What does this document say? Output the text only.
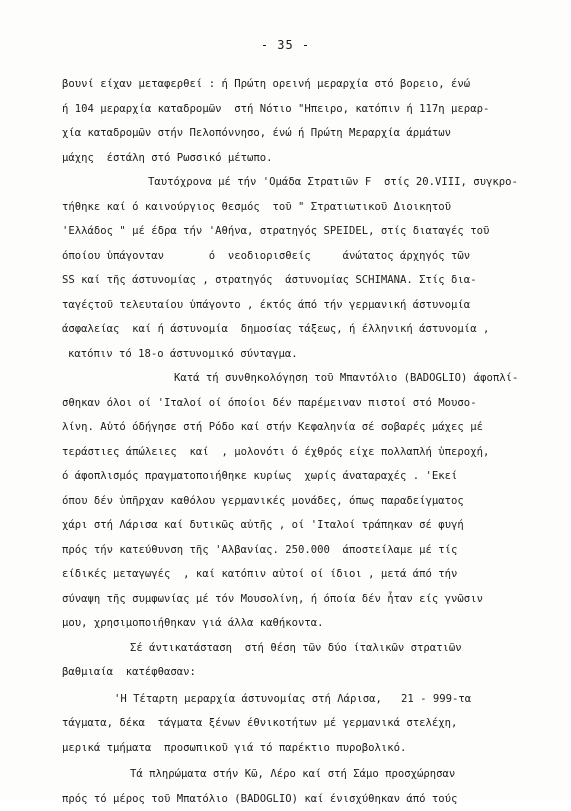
- 35 -
βουνί είχαν μεταφερθεί : ή Πρώτη ορεινή μεραρχία στό βορειο, ένώ
ή 104 μεραρχία καταδρομῶν  στή Νότιο "Ηπειρο, κατόπιν ή 117η μεραρ-
χία καταδρομῶν στήν Πελοπόννησο, ένώ ή Πρώτη Μεραρχία άρμάτων
μάχης  έστάλη στό Ρωσσικό μέτωπο.
Ταυτόχρονα μέ τήν 'Ομάδα Στρατιῶν F  στίς 20.VIII, συγκρο-
τήθηκε καί ό καινούργιος θεσμός  τοῦ " Στρατιωτικοῦ Διοικητοῦ
'Ελλάδος " μέ έδρα τήν 'Αθήνα, στρατηγός SPEIDEL, στίς διαταγές τοῦ
όποίου ὑπάγονταν       ό  νεοδιορισθείς     άνώτατος άρχηγός τῶν
SS καί τῆς άστυνομίας , στρατηγός  άστυνομίας SCHIMANA. Στίς δια-
ταγέςτοῦ τελευταίου ὑπάγοντο , έκτός άπό τήν γερμανική άστυνομία
άσφαλείας  καί ή άστυνομία  δημοσίας τάξεως, ή έλληνική άστυνομία ,
κατόπιν τό 18-ο άστυνομικό σύνταγμα.
Κατά τή συνθηκολόγηση τοῦ Μπαντόλιο (BADOGLIO) άφοπλί-
σθηκαν όλοι οί 'Ιταλοί οί όποίοι δέν παρέμειναν πιστοί στό Μουσο-
λίνη. Αὐτό όδήγησε στή Ρόδο καί στήν Κεφαληνία σέ σοβαρές μάχες μέ
τεράστιες άπώλειες  καί  , μολονότι ό έχθρός είχε πολλαπλή ὑπεροχή,
ό άφοπλισμός πραγματοποιήθηκε κυρίως  χωρίς άναταραχές . 'Εκεί
όπου δέν ὑπῆρχαν καθόλου γερμανικές μονάδες, όπως παραδείγματος
χάρι στή Λάρισα καί δυτικῶς αὐτῆς , οί 'Ιταλοί τράπηκαν σέ φυγή
πρός τήν κατεύθυνση τῆς 'Αλβανίας. 250.000  άποστείλαμε μέ τίς
είδικές μεταγωγές  , καί κατόπιν αὐτοί οί ίδιοι , μετά άπό τήν
σύναψη τῆς συμφωνίας μέ τόν Μουσολίνη, ή όποία δέν ἦταν είς γνῶσιν
μου, χρησιμοποιήθηκαν γιά άλλα καθήκοντα.
Σέ άντικατάσταση  στή θέση τῶν δύο ίταλικῶν στρατιῶν
βαθμιαία  κατέφθασαν:
'Η Τέταρτη μεραρχία άστυνομίας στή Λάρισα,   21 - 999-τα
τάγματα, δέκα  τάγματα ξένων έθνικοτήτων μέ γερμανικά στελέχη,
μερικά τμήματα  προσωπικοῦ γιά τό παρέκτιο πυροβολικό.
Τά πληρώματα στήν Κῶ, Λέρο καί στή Σάμο προσχώρησαν
πρός τό μέρος τοῦ Μπατόλιο (BADOGLIO) καί ένισχύθηκαν άπό τούς
